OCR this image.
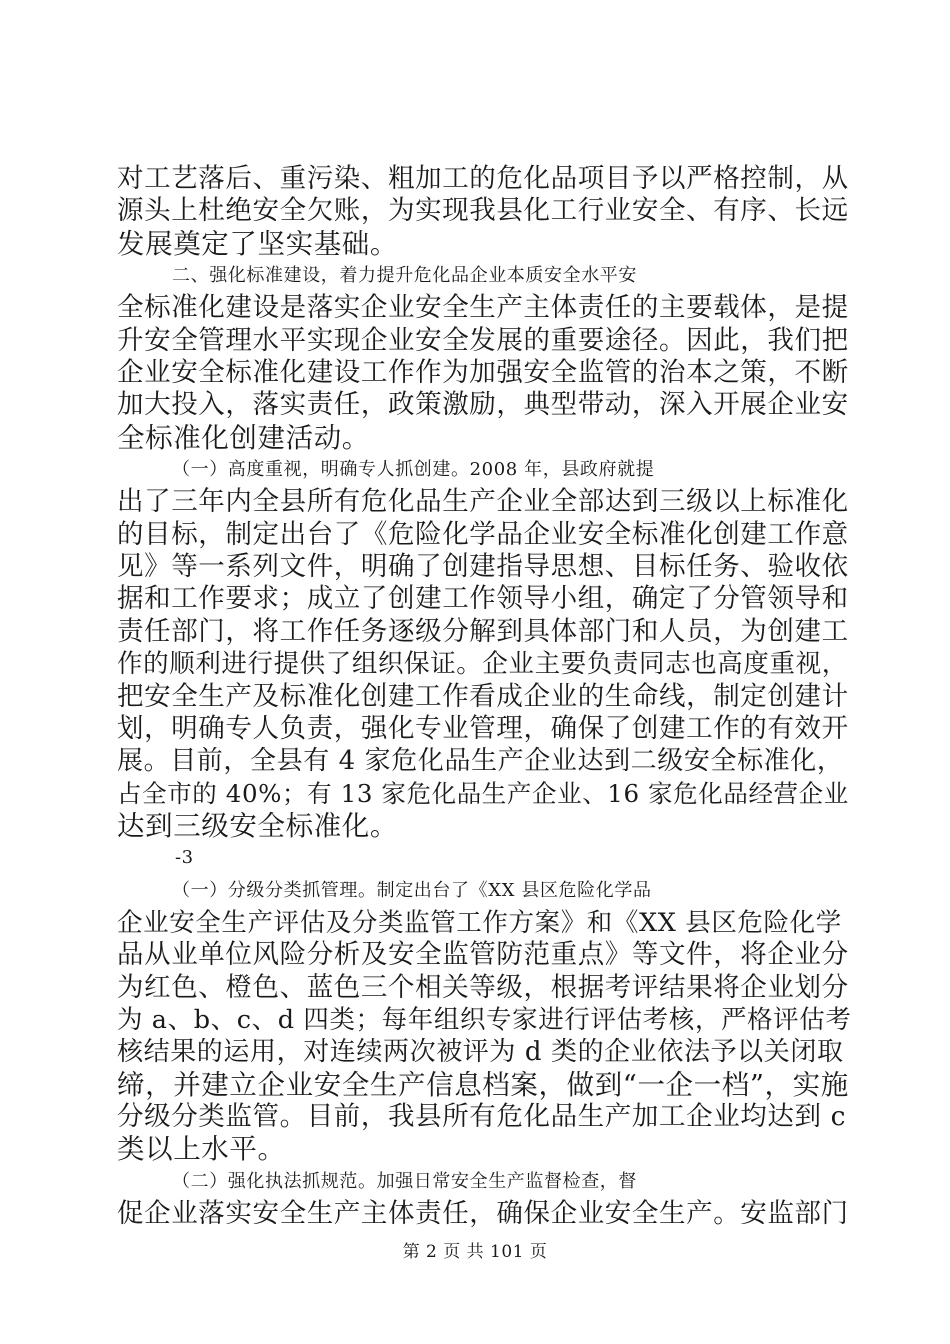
对工艺落后、重污染、粗加工的危化品项目予以严格控制，从
源头上杜绝安全欠账，为实现我县化工行业安全、有序、长远
发展奠定了坚实基础。
二、强化标准建设，着力提升危化品企业本质安全水平安
全标准化建设是落实企业安全生产主体责任的主要载体，是提
升安全管理水平实现企业安全发展的重要途径。因此，我们把
企业安全标准化建设工作作为加强安全监管的治本之策，不断
加大投入，落实责任，政策激励，典型带动，深入开展企业安
全标准化创建活动。
（一）高度重视，明确专人抓创建。2008 年，县政府就提
出了三年内全县所有危化品生产企业全部达到三级以上标准化
的目标，制定出台了《危险化学品企业安全标准化创建工作意
见》等一系列文件，明确了创建指导思想、目标任务、验收依
据和工作要求；成立了创建工作领导小组，确定了分管领导和
责任部门，将工作任务逐级分解到具体部门和人员，为创建工
作的顺利进行提供了组织保证。企业主要负责同志也高度重视，
把安全生产及标准化创建工作看成企业的生命线，制定创建计
划，明确专人负责，强化专业管理，确保了创建工作的有效开
展。目前，全县有 4 家危化品生产企业达到二级安全标准化，
占全市的 40%；有 13 家危化品生产企业、16 家危化品经营企业
达到三级安全标准化。
-3
（一）分级分类抓管理。制定出台了《XX 县区危险化学品
企业安全生产评估及分类监管工作方案》和《XX 县区危险化学
品从业单位风险分析及安全监管防范重点》等文件，将企业分
为红色、橙色、蓝色三个相关等级，根据考评结果将企业划分
为 a、b、c、d 四类；每年组织专家进行评估考核，严格评估考
核结果的运用，对连续两次被评为 d 类的企业依法予以关闭取
缔，并建立企业安全生产信息档案，做到“一企一档”，实施
分级分类监管。目前，我县所有危化品生产加工企业均达到 c
类以上水平。
（二）强化执法抓规范。加强日常安全生产监督检查，督
促企业落实安全生产主体责任，确保企业安全生产。安监部门
第 2 页 共 101 页
